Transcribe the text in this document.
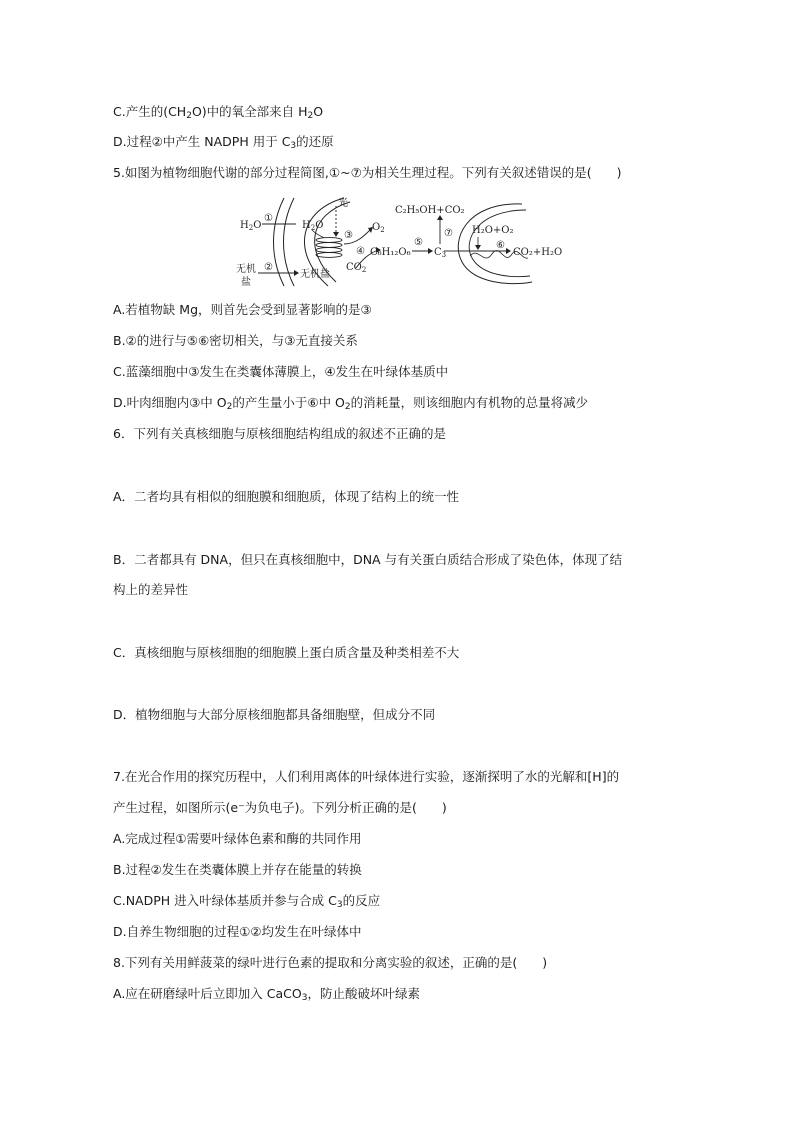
C.产生的$(CH_2O)$中的氧全部来自 $H_2O$
D.过程②中产生 NADPH 用于 $C_3$的还原
5.如图为植物细胞代谢的部分过程简图,①~⑦为相关生理过程。下列有关叙述错误的是(　　)
光
$H_2O$
①
$H_2O$
③
$O_2$
④
$CO_2$
C₆H₁₂O₆
⑤
$C_3$
⑦
C₂H₅OH+CO₂
H₂O+O₂
⑥
CO₂+H₂O
无机
盐
②
无机盐
A.若植物缺 Mg，则首先会受到显著影响的是③
B.②的进行与⑤⑥密切相关，与③无直接关系
C.蓝藻细胞中③发生在类囊体薄膜上，④发生在叶绿体基质中
D.叶肉细胞内③中 $O_2$的产生量小于⑥中 $O_2$的消耗量，则该细胞内有机物的总量将减少
6．下列有关真核细胞与原核细胞结构组成的叙述不正确的是
A．二者均具有相似的细胞膜和细胞质，体现了结构上的统一性
B．二者都具有 DNA，但只在真核细胞中，DNA 与有关蛋白质结合形成了染色体，体现了结
构上的差异性
C．真核细胞与原核细胞的细胞膜上蛋白质含量及种类相差不大
D．植物细胞与大部分原核细胞都具备细胞壁，但成分不同
7.在光合作用的探究历程中，人们利用离体的叶绿体进行实验，逐渐探明了水的光解和[H]的
产生过程，如图所示(e⁻为负电子)。下列分析正确的是(　　)
A.完成过程①需要叶绿体色素和酶的共同作用
B.过程②发生在类囊体膜上并存在能量的转换
C.NADPH 进入叶绿体基质并参与合成 $C_3$的反应
D.自养生物细胞的过程①②均发生在叶绿体中
8.下列有关用鲜菠菜的绿叶进行色素的提取和分离实验的叙述，正确的是(　　)
A.应在研磨绿叶后立即加入 CaCO$_3$，防止酸破坏叶绿素
